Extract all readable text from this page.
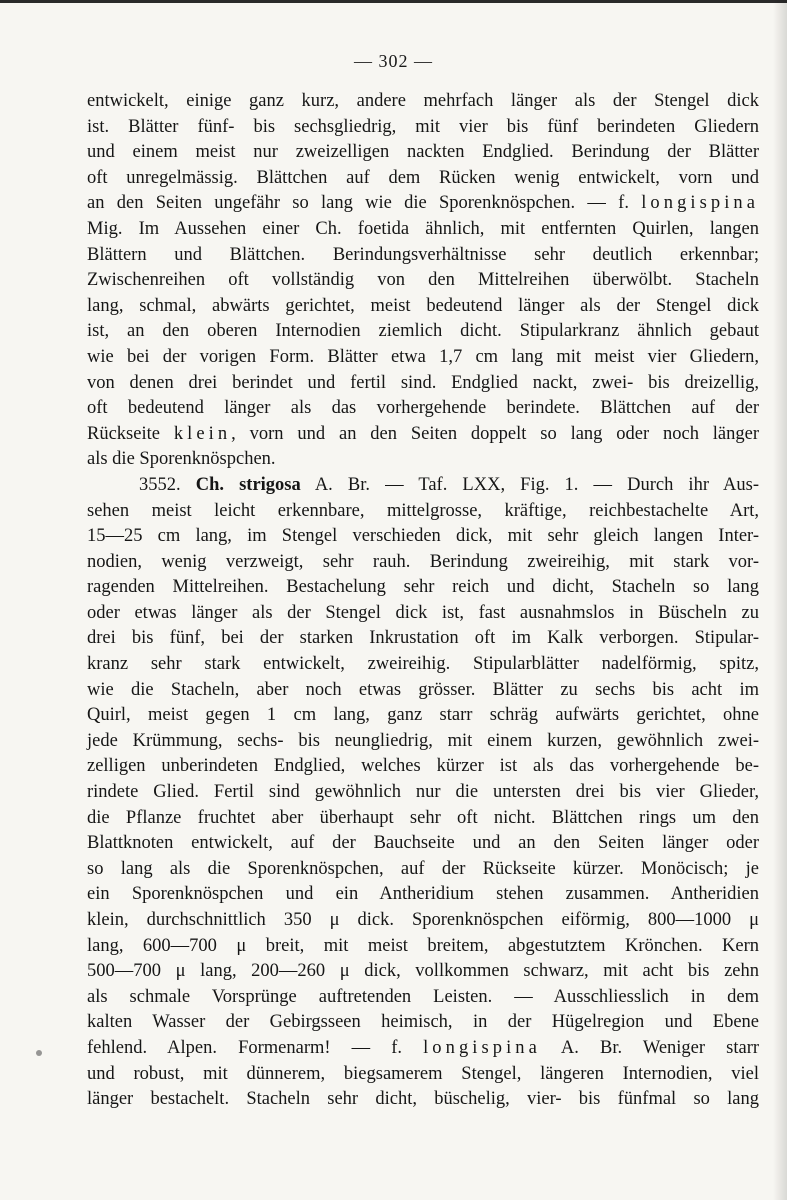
— 302 —
entwickelt, einige ganz kurz, andere mehrfach länger als der Stengel dick
ist. Blätter fünf- bis sechsgliedrig, mit vier bis fünf berindeten Gliedern
und einem meist nur zweizelligen nackten Endglied. Berindung der Blätter
oft unregelmässig. Blättchen auf dem Rücken wenig entwickelt, vorn und
an den Seiten ungefähr so lang wie die Sporenknöspchen. — f. longispina
Mig. Im Aussehen einer Ch. foetida ähnlich, mit entfernten Quirlen, langen
Blättern und Blättchen. Berindungsverhältnisse sehr deutlich erkennbar;
Zwischenreihen oft vollständig von den Mittelreihen überwölbt. Stacheln
lang, schmal, abwärts gerichtet, meist bedeutend länger als der Stengel dick
ist, an den oberen Internodien ziemlich dicht. Stipularkranz ähnlich gebaut
wie bei der vorigen Form. Blätter etwa 1,7 cm lang mit meist vier Gliedern,
von denen drei berindet und fertil sind. Endglied nackt, zwei- bis dreizellig,
oft bedeutend länger als das vorhergehende berindete. Blättchen auf der
Rückseite klein, vorn und an den Seiten doppelt so lang oder noch länger
als die Sporenknöspchen.
3552. Ch. strigosa A. Br. — Taf. LXX, Fig. 1. — Durch ihr Aus-
sehen meist leicht erkennbare, mittelgrosse, kräftige, reichbestachelte Art,
15—25 cm lang, im Stengel verschieden dick, mit sehr gleich langen Inter-
nodien, wenig verzweigt, sehr rauh. Berindung zweireihig, mit stark vor-
ragenden Mittelreihen. Bestachelung sehr reich und dicht, Stacheln so lang
oder etwas länger als der Stengel dick ist, fast ausnahmslos in Büscheln zu
drei bis fünf, bei der starken Inkrustation oft im Kalk verborgen. Stipular-
kranz sehr stark entwickelt, zweireihig. Stipularblätter nadelförmig, spitz,
wie die Stacheln, aber noch etwas grösser. Blätter zu sechs bis acht im
Quirl, meist gegen 1 cm lang, ganz starr schräg aufwärts gerichtet, ohne
jede Krümmung, sechs- bis neungliedrig, mit einem kurzen, gewöhnlich zwei-
zelligen unberindeten Endglied, welches kürzer ist als das vorhergehende be-
rindete Glied. Fertil sind gewöhnlich nur die untersten drei bis vier Glieder,
die Pflanze fruchtet aber überhaupt sehr oft nicht. Blättchen rings um den
Blattknoten entwickelt, auf der Bauchseite und an den Seiten länger oder
so lang als die Sporenknöspchen, auf der Rückseite kürzer. Monöcisch; je
ein Sporenknöspchen und ein Antheridium stehen zusammen. Antheridien
klein, durchschnittlich 350 μ dick. Sporenknöspchen eiförmig, 800—1000 μ
lang, 600—700 μ breit, mit meist breitem, abgestutztem Krönchen. Kern
500—700 μ lang, 200—260 μ dick, vollkommen schwarz, mit acht bis zehn
als schmale Vorsprünge auftretenden Leisten. — Ausschliesslich in dem
kalten Wasser der Gebirgsseen heimisch, in der Hügelregion und Ebene
fehlend. Alpen. Formenarm! — f. longispina A. Br. Weniger starr
und robust, mit dünnerem, biegsamerem Stengel, längeren Internodien, viel
länger bestachelt. Stacheln sehr dicht, büschelig, vier- bis fünfmal so lang
